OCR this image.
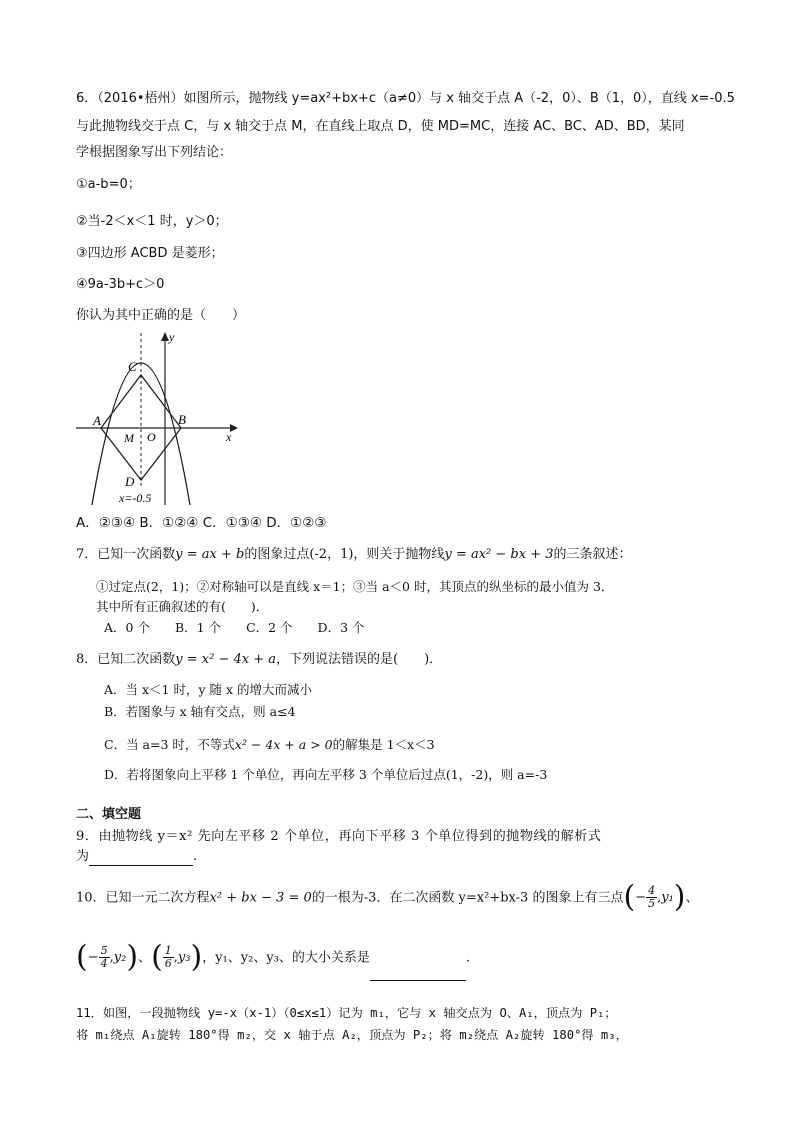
6．（2016•梧州）如图所示，抛物线 y=ax²+bx+c（a≠0）与 x 轴交于点 A（-2，0）、B（1，0），直线 x=-0.5
与此抛物线交于点 C，与 x 轴交于点 M，在直线上取点 D，使 MD=MC，连接 AC、BC、AD、BD，某同
学根据图象写出下列结论：
①a-b=0；
②当-2＜x＜1 时，y＞0；
③四边形 ACBD 是菱形；
④9a-3b+c＞0
你认为其中正确的是（　　）
y
x
C
A	B
M O
D
x=-0.5
A．②③④ B．①②④ C．①③④ D．①②③
7．已知一次函数y = ax + b的图象过点(-2，1)，则关于抛物线y = ax² − bx + 3的三条叙述：
①过定点(2，1)；②对称轴可以是直线 x＝1；③当 a＜0 时，其顶点的纵坐标的最小值为 3．
其中所有正确叙述的有(　　)．
A．0 个　　B．1 个　　C．2 个　　D．3 个
8．已知二次函数y = x² − 4x + a，下列说法错误的是(　　)．
A．当 x＜1 时，y 随 x 的增大而减小
B．若图象与 x 轴有交点，则 a≤4
C．当 a=3 时，不等式x² − 4x + a > 0的解集是 1＜x＜3
D．若将图象向上平移 1 个单位，再向左平移 3 个单位后过点(1，-2)，则 a=-3
二、填空题
9．由抛物线 y＝x² 先向左平移 2 个单位，再向下平移 3 个单位得到的抛物线的解析式
为	.
10．已知一元二次方程x² + bx − 3 = 0的一根为-3．在二次函数 y=x²+bx-3 的图象上有三点(− $\frac{4}{5} ,y_1$)、
(− $\frac{5}{4} ,y_2$)、( $\frac{1}{6} ,y_3$)，y₁、y₂、y₃、的大小关系是	.
11．如图，一段抛物线 y=-x（x-1）（0≤x≤1）记为 m₁，它与 x 轴交点为 O、A₁，顶点为 P₁；
将 m₁绕点 A₁旋转 180°得 m₂，交 x 轴于点 A₂，顶点为 P₂；将 m₂绕点 A₂旋转 180°得 m₃，
